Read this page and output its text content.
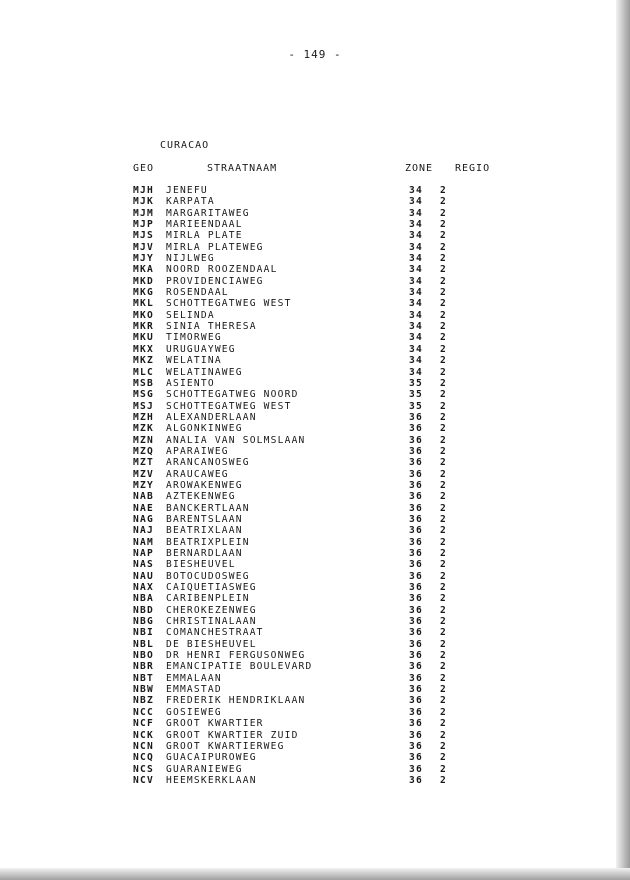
- 149 -
CURACAO
GEO	STRAATNAAM	ZONE REGIO
MJH JENEFU	34 2
MJK KARPATA	34 2
MJM MARGARITAWEG	34 2
MJP MARIEENDAAL	34 2
MJS MIRLA PLATE	34 2
MJV MIRLA PLATEWEG	34 2
MJY NIJLWEG	34 2
MKA NOORD ROOZENDAAL	34 2
MKD PROVIDENCIAWEG	34 2
MKG ROSENDAAL	34 2
MKL SCHOTTEGATWEG WEST	34 2
MKO SELINDA	34 2
MKR SINIA THERESA	34 2
MKU TIMORWEG	34 2
MKX URUGUAYWEG	34 2
MKZ WELATINA	34 2
MLC WELATINAWEG	34 2
MSB ASIENTO	35 2
MSG SCHOTTEGATWEG NOORD	35 2
MSJ SCHOTTEGATWEG WEST	35 2
MZH ALEXANDERLAAN	36 2
MZK ALGONKINWEG	36 2
MZN ANALIA VAN SOLMSLAAN	36 2
MZQ APARAIWEG	36 2
MZT ARANCANOSWEG	36 2
MZV ARAUCAWEG	36 2
MZY AROWAKENWEG	36 2
NAB AZTEKENWEG	36 2
NAE BANCKERTLAAN	36 2
NAG BARENTSLAAN	36 2
NAJ BEATRIXLAAN	36 2
NAM BEATRIXPLEIN	36 2
NAP BERNARDLAAN	36 2
NAS BIESHEUVEL	36 2
NAU BOTOCUDOSWEG	36 2
NAX CAIQUETIASWEG	36 2
NBA CARIBENPLEIN	36 2
NBD CHEROKEZENWEG	36 2
NBG CHRISTINALAAN	36 2
NBI COMANCHESTRAAT	36 2
NBL DE BIESHEUVEL	36 2
NBO DR HENRI FERGUSONWEG	36 2
NBR EMANCIPATIE BOULEVARD	36 2
NBT EMMALAAN	36 2
NBW EMMASTAD	36 2
NBZ FREDERIK HENDRIKLAAN	36 2
NCC GOSIEWEG	36 2
NCF GROOT KWARTIER	36 2
NCK GROOT KWARTIER ZUID	36 2
NCN GROOT KWARTIERWEG	36 2
NCQ GUACAIPUROWEG	36 2
NCS GUARANIEWEG	36 2
NCV HEEMSKERKLAAN	36 2
